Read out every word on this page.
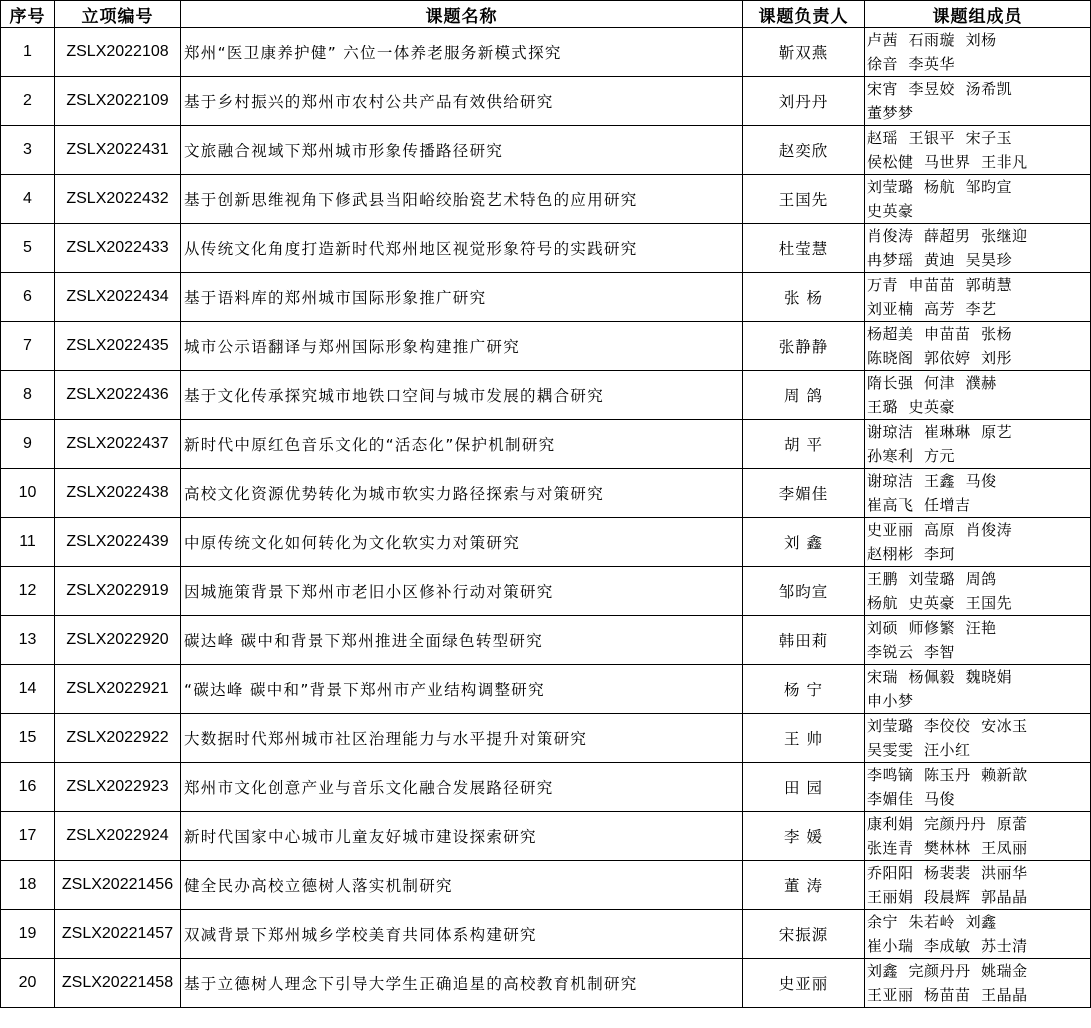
序号	立项编号	课题名称	课题负责人	课题组成员
1	ZSLX2022108	郑州“医卫康养护健” 六位一体养老服务新模式探究	靳双燕	卢茜  石雨璇  刘杨
徐音  李英华

2	ZSLX2022109	基于乡村振兴的郑州市农村公共产品有效供给研究	刘丹丹	宋宵  李昱姣  汤希凯
董梦梦

3	ZSLX2022431	文旅融合视域下郑州城市形象传播路径研究	赵奕欣	赵瑶  王银平  宋子玉
侯松健  马世界  王非凡

4	ZSLX2022432	基于创新思维视角下修武县当阳峪绞胎瓷艺术特色的应用研究	王国先	刘莹璐  杨航  邹昀宣
史英豪

5	ZSLX2022433	从传统文化角度打造新时代郑州地区视觉形象符号的实践研究	杜莹慧	肖俊涛  薛超男  张继迎
冉梦瑶  黄迪  吴昊珍

6	ZSLX2022434	基于语料库的郑州城市国际形象推广研究	张 杨	万青  申苗苗  郭萌慧
刘亚楠  高芳  李艺

7	ZSLX2022435	城市公示语翻译与郑州国际形象构建推广研究	张静静	杨超美  申苗苗  张杨
陈晓阁  郭依婷  刘彤

8	ZSLX2022436	基于文化传承探究城市地铁口空间与城市发展的耦合研究	周 鸽	隋长强  何津  濮赫
王璐  史英豪

9	ZSLX2022437	新时代中原红色音乐文化的“活态化”保护机制研究	胡 平	谢琼洁  崔琳琳  原艺
孙寒利  方元

10	ZSLX2022438	高校文化资源优势转化为城市软实力路径探索与对策研究	李媚佳	谢琼洁  王鑫  马俊
崔高飞  任增吉

11	ZSLX2022439	中原传统文化如何转化为文化软实力对策研究	刘 鑫	史亚丽  高原  肖俊涛
赵栩彬  李珂

12	ZSLX2022919	因城施策背景下郑州市老旧小区修补行动对策研究	邹昀宣	王鹏  刘莹璐  周鸽
杨航  史英豪  王国先

13	ZSLX2022920	碳达峰 碳中和背景下郑州推进全面绿色转型研究	韩田莉	刘硕  师修繁  汪艳
李锐云  李智

14	ZSLX2022921	“碳达峰 碳中和”背景下郑州市产业结构调整研究	杨 宁	宋瑞  杨佩毅  魏晓娟
申小梦

15	ZSLX2022922	大数据时代郑州城市社区治理能力与水平提升对策研究	王 帅	刘莹璐  李佼佼  安冰玉
吴雯雯  汪小红

16	ZSLX2022923	郑州市文化创意产业与音乐文化融合发展路径研究	田 园	李鸣镝  陈玉丹  赖新歆
李媚佳  马俊

17	ZSLX2022924	新时代国家中心城市儿童友好城市建设探索研究	李 媛	康利娟  完颜丹丹  原蕾
张连青  樊林林  王凤丽

18	ZSLX20221456	健全民办高校立德树人落实机制研究	董 涛	乔阳阳  杨裴裴  洪丽华
王丽娟  段晨辉  郭晶晶

19	ZSLX20221457	双减背景下郑州城乡学校美育共同体系构建研究	宋振源	余宁  朱若岭  刘鑫
崔小瑞  李成敏  苏士清

20	ZSLX20221458	基于立德树人理念下引导大学生正确追星的高校教育机制研究	史亚丽	刘鑫  完颜丹丹  姚瑞金
王亚丽  杨苗苗  王晶晶
